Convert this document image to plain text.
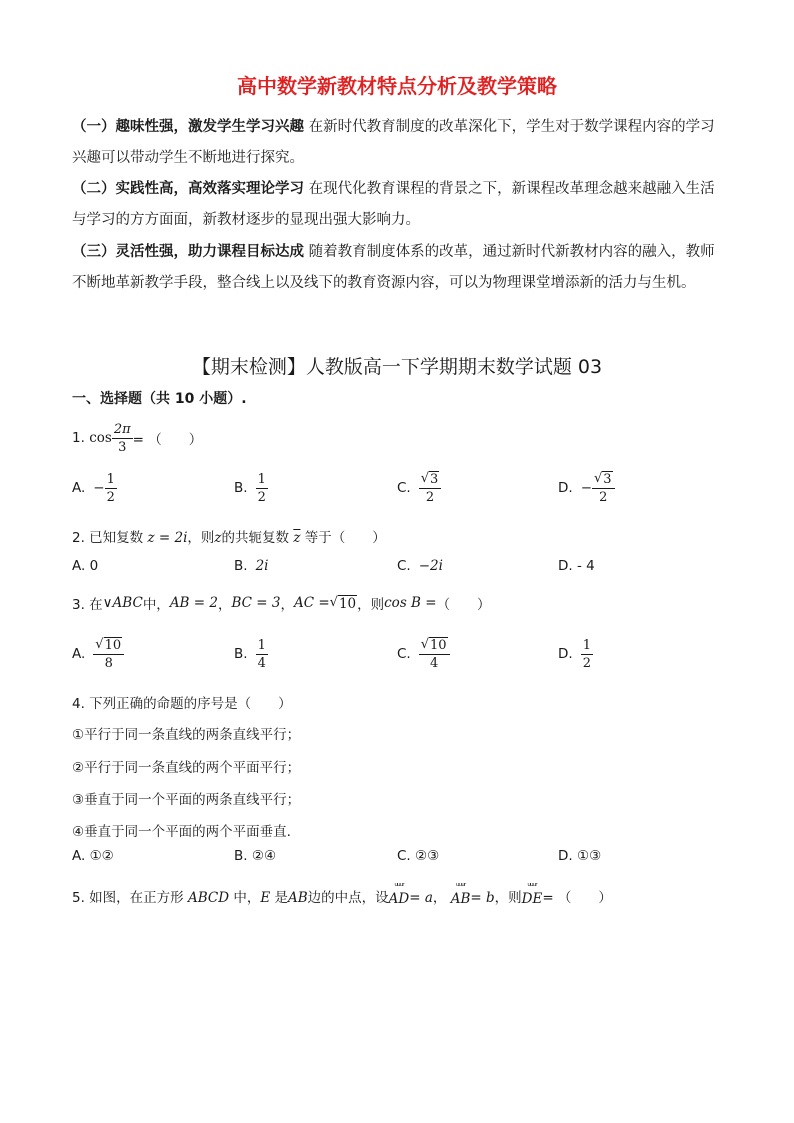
高中数学新教材特点分析及教学策略
（一）趣味性强，激发学生学习兴趣 在新时代教育制度的改革深化下，学生对于数学课程内容的学习兴趣可以带动学生不断地进行探究。
（二）实践性高，高效落实理论学习 在现代化教育课程的背景之下，新课程改革理念越来越融入生活与学习的方方面面，新教材逐步的显现出强大影响力。
（三）灵活性强，助力课程目标达成 随着教育制度体系的改革，通过新时代新教材内容的融入，教师不断地革新教学手段，整合线上以及线下的教育资源内容，可以为物理课堂增添新的活力与生机。
【期末检测】人教版高一下学期期末数学试题 03
一、选择题（共 10 小题）.
1.
$\cos \frac{2\pi}{3}$ = （　　）
A. − $\frac{1}{2}$	B. $\frac{1}{2}$	C. $\frac{√ 3}{2}$	D. − $\frac{√ 3}{2}$
2. 已知复数 z = 2i，则z的共轭复数 $\overline{z}$ 等于（　　）
A. 0	B. 2i	C. −2i	D. - 4
3. 在 ∨ABC 中， AB = 2 ， BC = 3 ， AC = √ 10 ，则 cos B = （　　）
A. $\frac{√ 10}{8}$	B. $\frac{1}{4}$	C. $\frac{√ 10}{4}$	D. $\frac{1}{2}$
4. 下列正确的命题的序号是（　　）
①平行于同一条直线的两条直线平行；
②平行于同一条直线的两个平面平行；
③垂直于同一个平面的两条直线平行；
④垂直于同一个平面的两个平面垂直.
A. ①②	B. ②④	C. ②③	D. ①③
5. 如图，在正方形
ABCD
中， E
是 AB 边的中点，设
ᵘᵘᵘʳ
AD = a ，

ᵘᵘᵘʳ
AB = b ，则
ᵘᵘᵘʳ
DE = （　　）
